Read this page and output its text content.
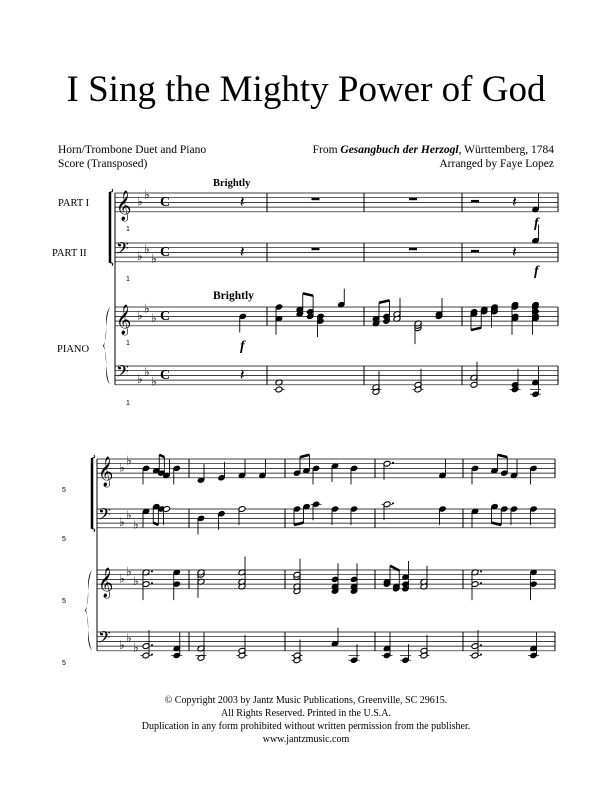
I Sing the Mighty Power of God
Horn/Trombone Duet and Piano
Score (Transposed)
From Gesangbuch der Herzogl, Württemberg, 1784
Arranged by Faye Lopez
PART I
PART II
PIANO
Brightly
Brightly
f
f
f
1
1
1
1
5
5
5
5
𝄞 ♭
♭
C	𝄽	𝄽
𝄢 ♭
♭
♭ C	𝄽	𝄽
𝄞 ♭
♭
♭ C
𝄢 ♭
♭
♭ C	𝄽
𝄞 ♭
♭
𝄢 ♭
♭
♭
𝄞 ♭
♭
♭
𝄢 ♭
♭
♭
© Copyright 2003 by Jantz Music Publications, Greenville, SC 29615.
All Rights Reserved. Printed in the U.S.A.
Duplication in any form prohibited without written permission from the publisher.
www.jantzmusic.com
